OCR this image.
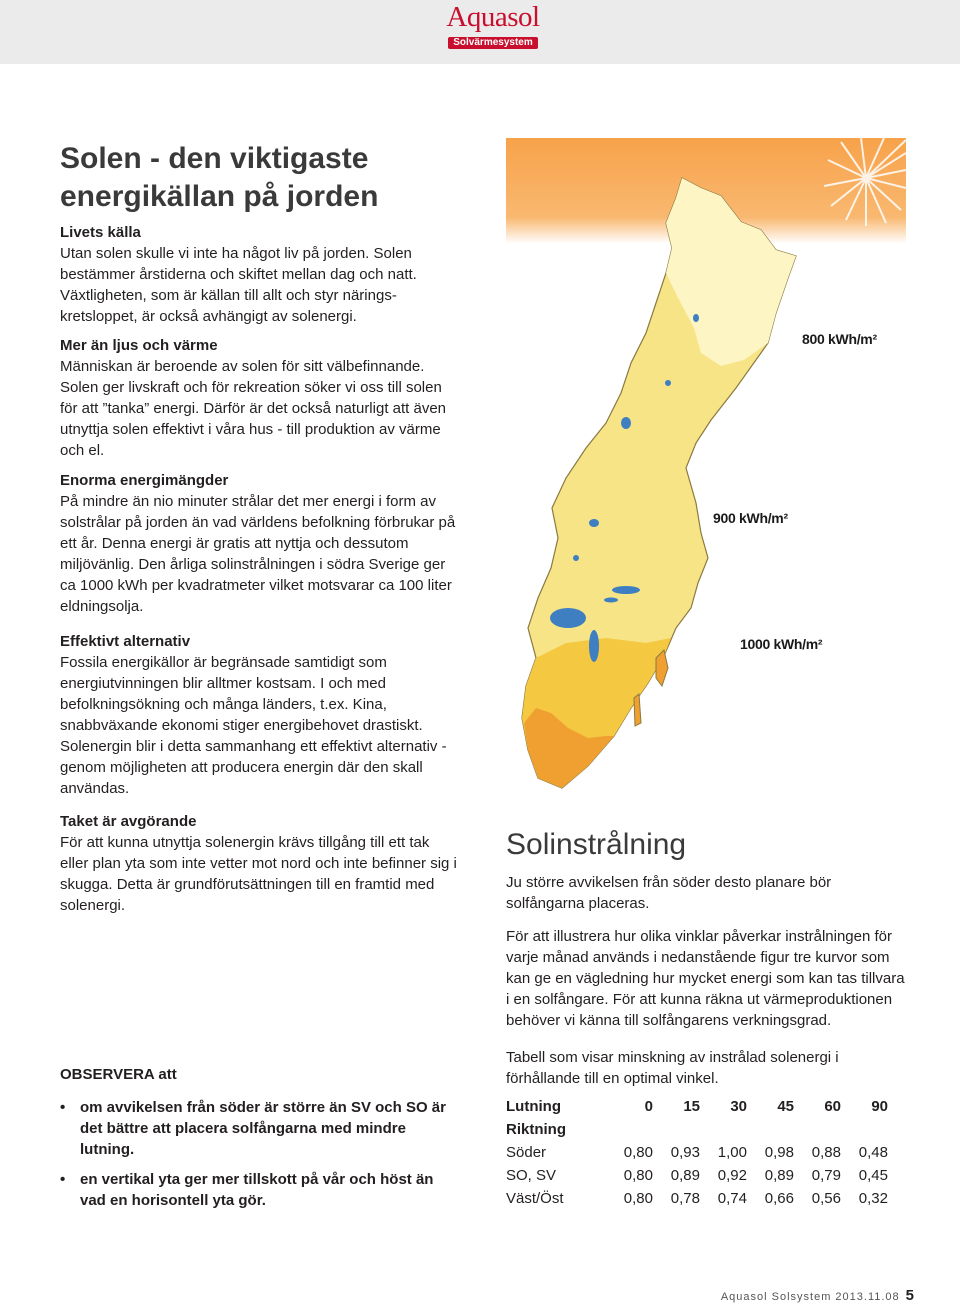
Aquasol
Solvärmesystem
Solen - den viktigaste energikällan på jorden
Livets källa

Utan solen skulle vi inte ha något liv på jorden. Solen bestämmer årstiderna och skiftet mellan dag och natt. Växtligheten, som är källan till allt och styr närings-kretsloppet, är också avhängigt av solenergi.

Mer än ljus och värme

Människan är beroende av solen för sitt välbefinnande. Solen ger livskraft och för rekreation söker vi oss till solen för att ”tanka” energi. Därför är det också naturligt att även utnyttja solen effektivt i våra hus - till produktion av värme och el.

Enorma energimängder

På mindre än nio minuter strålar det mer energi i form av solstrålar på jorden än vad världens befolkning förbrukar på ett år. Denna energi är gratis att nyttja och dessutom miljövänlig. Den årliga solinstrålningen i södra Sverige ger ca 1000 kWh per kvadratmeter vilket motsvarar ca 100 liter eldningsolja.

Effektivt alternativ

Fossila energikällor är begränsade samtidigt som energiutvinningen blir alltmer kostsam. I och med befolkningsökning och många länders, t.ex. Kina, snabbväxande ekonomi stiger energibehovet drastiskt. Solenergin blir i detta sammanhang ett effektivt alternativ - genom möjligheten att producera energin där den skall användas.

Taket är avgörande

För att kunna utnyttja solenergin krävs tillgång till ett tak eller plan yta som inte vetter mot nord och inte befinner sig i skugga. Detta är grundförutsättningen till en framtid med solenergi.

OBSERVERA att
• om avvikelsen från söder är större än SV och SO är det bättre att placera solfångarna med mindre lutning.
• en vertikal yta ger mer tillskott på vår och höst än vad en horisontell yta gör.
800 kWh/m²
900 kWh/m²
1000 kWh/m²
Solinstrålning

Ju större avvikelsen från söder desto planare bör solfångarna placeras.

För att illustrera hur olika vinklar påverkar instrålningen för varje månad används i nedanstående figur tre kurvor som kan ge en vägledning hur mycket energi som kan tas tillvara i en solfångare. För att kunna räkna ut värmeproduktionen behöver vi känna till solfångarens verkningsgrad.

Tabell som visar minskning av instrålad solenergi i förhållande till en optimal vinkel.

Lutning	0	15	30	45	60	90
Riktning						
Söder	0,80	0,93	1,00	0,98	0,88	0,48
SO, SV	0,80	0,89	0,92	0,89	0,79	0,45
Väst/Öst	0,80	0,78	0,74	0,66	0,56	0,32
Aquasol Solsystem 2013.11.08 5
